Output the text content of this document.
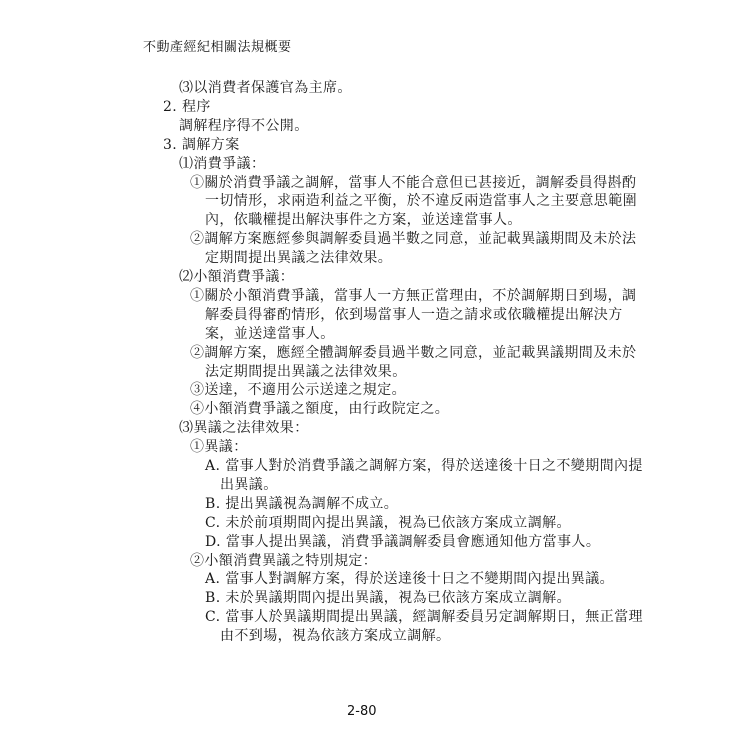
不動產經紀相關法規概要
⑶以消費者保護官為主席。
2. 程序
調解程序得不公開。
3. 調解方案
⑴消費爭議：
①關於消費爭議之調解，當事人不能合意但已甚接近，調解委員得斟酌
一切情形，求兩造利益之平衡，於不違反兩造當事人之主要意思範圍
內，依職權提出解決事件之方案，並送達當事人。
②調解方案應經參與調解委員過半數之同意，並記載異議期間及未於法
定期間提出異議之法律效果。
⑵小額消費爭議：
①關於小額消費爭議，當事人一方無正當理由，不於調解期日到場，調
解委員得審酌情形，依到場當事人一造之請求或依職權提出解決方
案，並送達當事人。
②調解方案，應經全體調解委員過半數之同意，並記載異議期間及未於
法定期間提出異議之法律效果。
③送達，不適用公示送達之規定。
④小額消費爭議之額度，由行政院定之。
⑶異議之法律效果：
①異議：
A. 當事人對於消費爭議之調解方案，得於送達後十日之不變期間內提
出異議。
B. 提出異議視為調解不成立。
C. 未於前項期間內提出異議，視為已依該方案成立調解。
D. 當事人提出異議，消費爭議調解委員會應通知他方當事人。
②小額消費異議之特別規定：
A. 當事人對調解方案，得於送達後十日之不變期間內提出異議。
B. 未於異議期間內提出異議，視為已依該方案成立調解。
C. 當事人於異議期間提出異議，經調解委員另定調解期日，無正當理
由不到場，視為依該方案成立調解。
2-80
